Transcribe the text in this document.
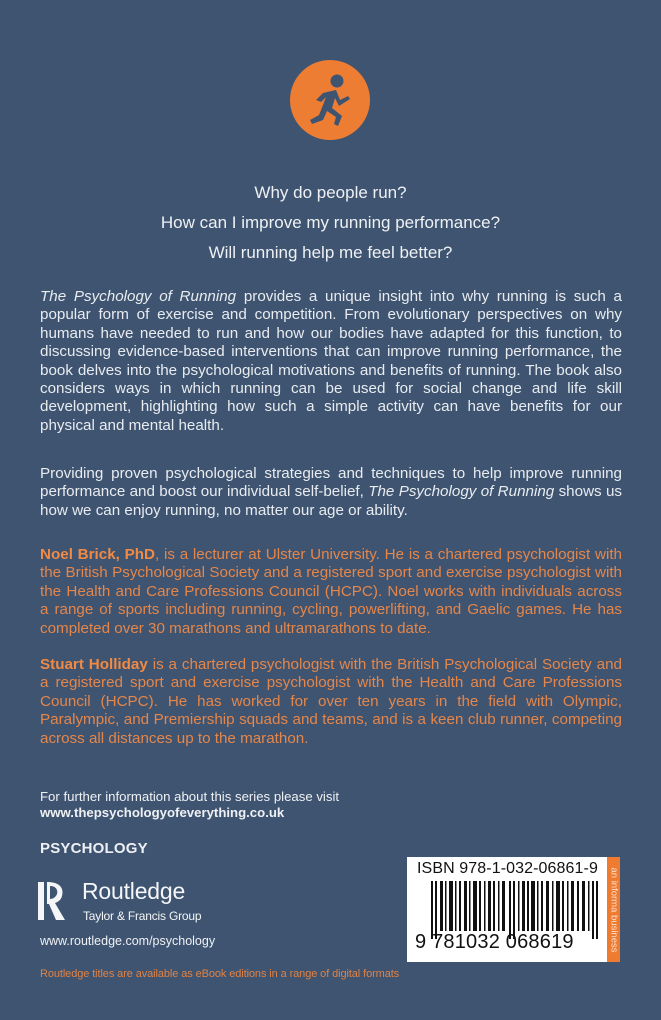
Why do people run?

How can I improve my running performance?

Will running help me feel better?

The Psychology of Running provides a unique insight into why running is such a popular form of exercise and competition. From evolutionary perspectives on why humans have needed to run and how our bodies have adapted for this function, to discussing evidence-based interventions that can improve running performance, the book delves into the psychological motivations and benefits of running. The book also considers ways in which running can be used for social change and life skill development, highlighting how such a simple activity can have benefits for our physical and mental health.
Providing proven psychological strategies and techniques to help improve running performance and boost our individual self-belief, The Psychology of Running shows us how we can enjoy running, no matter our age or ability.
Noel Brick, PhD, is a lecturer at Ulster University. He is a chartered psychologist with the British Psychological Society and a registered sport and exercise psychologist with the Health and Care Professions Council (HCPC). Noel works with individuals across a range of sports including running, cycling, powerlifting, and Gaelic games. He has completed over 30 marathons and ultramarathons to date.
Stuart Holliday is a chartered psychologist with the British Psychological Society and a registered sport and exercise psychologist with the Health and Care Professions Council (HCPC). He has worked for over ten years in the field with Olympic, Paralympic, and Premiership squads and teams, and is a keen club runner, competing across all distances up to the marathon.
For further information about this series please visit
www.thepsychologyofeverything.co.uk
PSYCHOLOGY
Routledge
Taylor & Francis Group
www.routledge.com/psychology
Routledge titles are available as eBook editions in a range of digital formats
ISBN 978-1-032-06861-9
9 781032 068619	an informa business
